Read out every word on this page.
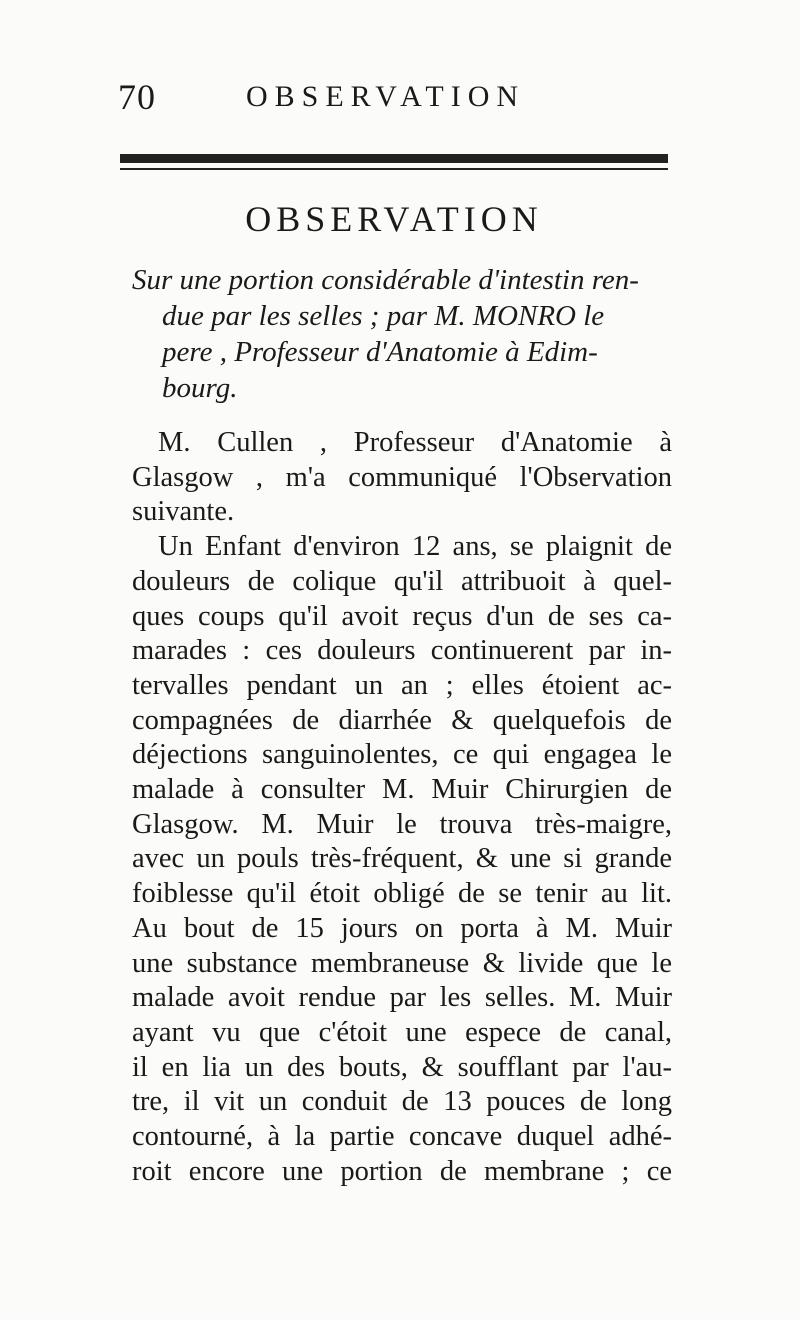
70	OBSERVATION
OBSERVATION
Sur une portion considérable d'intestin ren-
due par les selles ; par M. MONRO le
pere , Professeur d'Anatomie à Edim-
bourg.
M. Cullen , Professeur d'Anatomie à
Glasgow , m'a communiqué l'Observation
suivante.
Un Enfant d'environ 12 ans, se plaignit de
douleurs de colique qu'il attribuoit à quel-
ques coups qu'il avoit reçus d'un de ses ca-
marades : ces douleurs continuerent par in-
tervalles pendant un an ; elles étoient ac-
compagnées de diarrhée & quelquefois de
déjections sanguinolentes, ce qui engagea le
malade à consulter M. Muir Chirurgien de
Glasgow. M. Muir le trouva très-maigre,
avec un pouls très-fréquent, & une si grande
foiblesse qu'il étoit obligé de se tenir au lit.
Au bout de 15 jours on porta à M. Muir
une substance membraneuse & livide que le
malade avoit rendue par les selles. M. Muir
ayant vu que c'étoit une espece de canal,
il en lia un des bouts, & soufflant par l'au-
tre, il vit un conduit de 13 pouces de long
contourné, à la partie concave duquel adhé-
roit encore une portion de membrane ; ce
